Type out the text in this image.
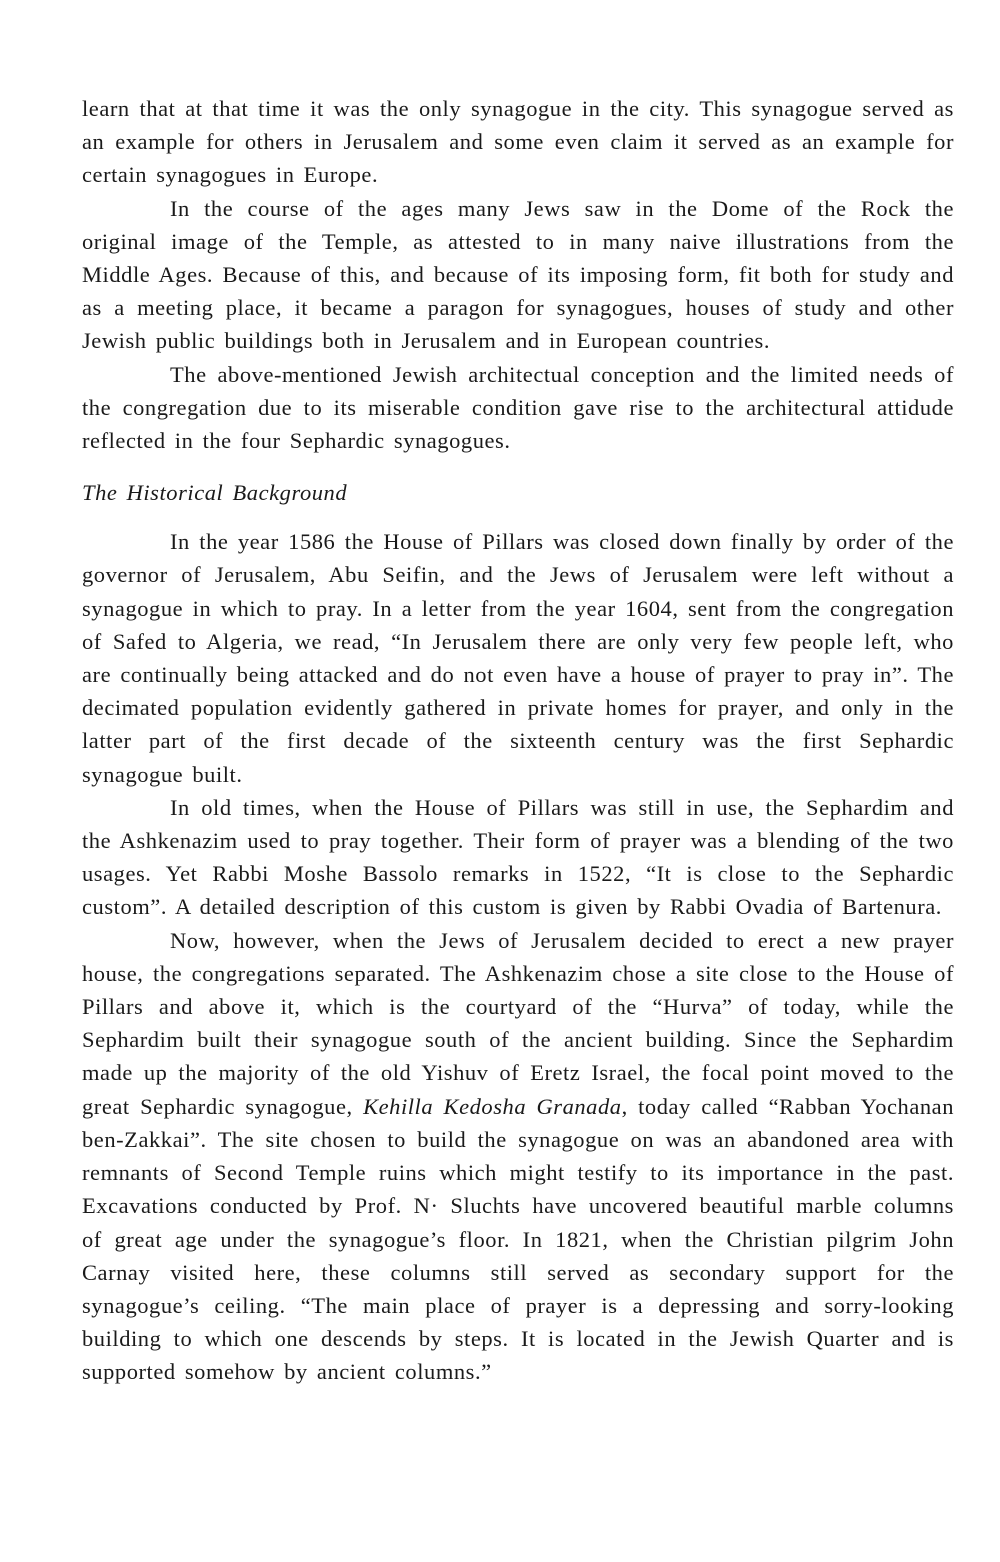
learn that at that time it was the only synagogue in the city. This synagogue served as an example for others in Jerusalem and some even claim it served as an example for certain synagogues in Europe.

In the course of the ages many Jews saw in the Dome of the Rock the original image of the Temple, as attested to in many naive illustrations from the Middle Ages. Because of this, and because of its imposing form, fit both for study and as a meeting place, it became a paragon for synagogues, houses of study and other Jewish public buildings both in Jerusalem and in European countries.

The above-mentioned Jewish architectual conception and the limited needs of the congregation due to its miserable condition gave rise to the architectural attidude reflected in the four Sephardic synagogues.

The Historical Background

In the year 1586 the House of Pillars was closed down finally by order of the governor of Jerusalem, Abu Seifin, and the Jews of Jerusalem were left without a synagogue in which to pray. In a letter from the year 1604, sent from the congregation of Safed to Algeria, we read, “In Jerusalem there are only very few people left, who are continually being attacked and do not even have a house of prayer to pray in”. The decimated population evidently gathered in private homes for prayer, and only in the latter part of the first decade of the sixteenth century was the first Sephardic synagogue built.

In old times, when the House of Pillars was still in use, the Sephardim and the Ashkenazim used to pray together. Their form of prayer was a blending of the two usages. Yet Rabbi Moshe Bassolo remarks in 1522, “It is close to the Sephardic custom”. A detailed description of this custom is given by Rabbi Ovadia of Bartenura.

Now, however, when the Jews of Jerusalem decided to erect a new prayer house, the congregations separated. The Ashkenazim chose a site close to the House of Pillars and above it, which is the courtyard of the “Hurva” of today, while the Sephardim built their synagogue south of the ancient building. Since the Sephardim made up the majority of the old Yishuv of Eretz Israel, the focal point moved to the great Sephardic synagogue, Kehilla Kedosha Granada, today called “Rabban Yochanan ben-Zakkai”. The site chosen to build the synagogue on was an abandoned area with remnants of Second Temple ruins which might testify to its importance in the past. Excavations conducted by Prof. N· Sluchts have uncovered beautiful marble columns of great age under the synagogue’s floor. In 1821, when the Christian pilgrim John Carnay visited here, these columns still served as secondary support for the synagogue’s ceiling. “The main place of prayer is a depressing and sorry-looking building to which one descends by steps. It is located in the Jewish Quarter and is supported somehow by ancient columns.”
